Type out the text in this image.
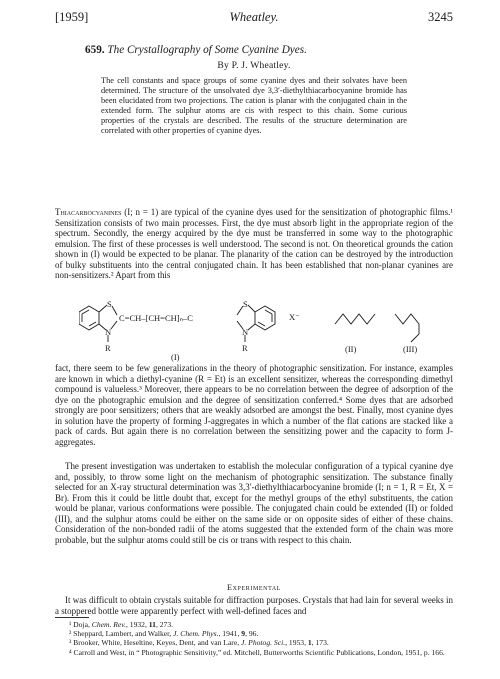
[1959]	Wheatley.	3245
659. The Crystallography of Some Cyanine Dyes.
By P. J. Wheatley.
The cell constants and space groups of some cyanine dyes and their solvates have been determined. The structure of the unsolvated dye 3,3′-diethylthiacarbocyanine bromide has been elucidated from two projections. The cation is planar with the conjugated chain in the extended form. The sulphur atoms are cis with respect to this chain. Some curious properties of the crystals are described. The results of the structure determination are correlated with other properties of cyanine dyes.
Thiacarbocyanines (I; n = 1) are typical of the cyanine dyes used for the sensitization of photographic films.¹ Sensitization consists of two main processes. First, the dye must absorb light in the appropriate region of the spectrum. Secondly, the energy acquired by the dye must be transferred in some way to the photographic emulsion. The first of these processes is well understood. The second is not. On theoretical grounds the cation shown in (I) would be expected to be planar. The planarity of the cation can be destroyed by the introduction of bulky substituents into the central conjugated chain. It has been established that non-planar cyanines are non-sensitizers.² Apart from this
S
N
R
C=CH–[CH=CH]ₙ–C
S
N
R
X⁻
(I)
(II)	(III)
fact, there seem to be few generalizations in the theory of photographic sensitization. For instance, examples are known in which a diethyl-cyanine (R = Et) is an excellent sensitizer, whereas the corresponding dimethyl compound is valueless.³ Moreover, there appears to be no correlation between the degree of adsorption of the dye on the photographic emulsion and the degree of sensitization conferred.⁴ Some dyes that are adsorbed strongly are poor sensitizers; others that are weakly adsorbed are amongst the best. Finally, most cyanine dyes in solution have the property of forming J-aggregates in which a number of the flat cations are stacked like a pack of cards. But again there is no correlation between the sensitizing power and the capacity to form J-aggregates.
The present investigation was undertaken to establish the molecular configuration of a typical cyanine dye and, possibly, to throw some light on the mechanism of photographic sensitization. The substance finally selected for an X-ray structural determination was 3,3′-diethylthiacarbocyanine bromide (I; n = 1, R = Et, X = Br). From this it could be little doubt that, except for the methyl groups of the ethyl substituents, the cation would be planar, various conformations were possible. The conjugated chain could be extended (II) or folded (III), and the sulphur atoms could be either on the same side or on opposite sides of either of these chains. Consideration of the non-bonded radii of the atoms suggested that the extended form of the chain was more probable, but the sulphur atoms could still be cis or trans with respect to this chain.
Experimental
It was difficult to obtain crystals suitable for diffraction purposes. Crystals that had lain for several weeks in a stoppered bottle were apparently perfect with well-defined faces and
¹ Doja, Chem. Rev., 1932, 11, 273.
² Sheppard, Lambert, and Walker, J. Chem. Phys., 1941, 9, 96.
³ Brooker, White, Heseltine, Keyes, Dent, and van Lare, J. Photog. Sci., 1953, 1, 173.
⁴ Carroll and West, in “ Photographic Sensitivity,” ed. Mitchell, Butterworths Scientific Publications, London, 1951, p. 166.
